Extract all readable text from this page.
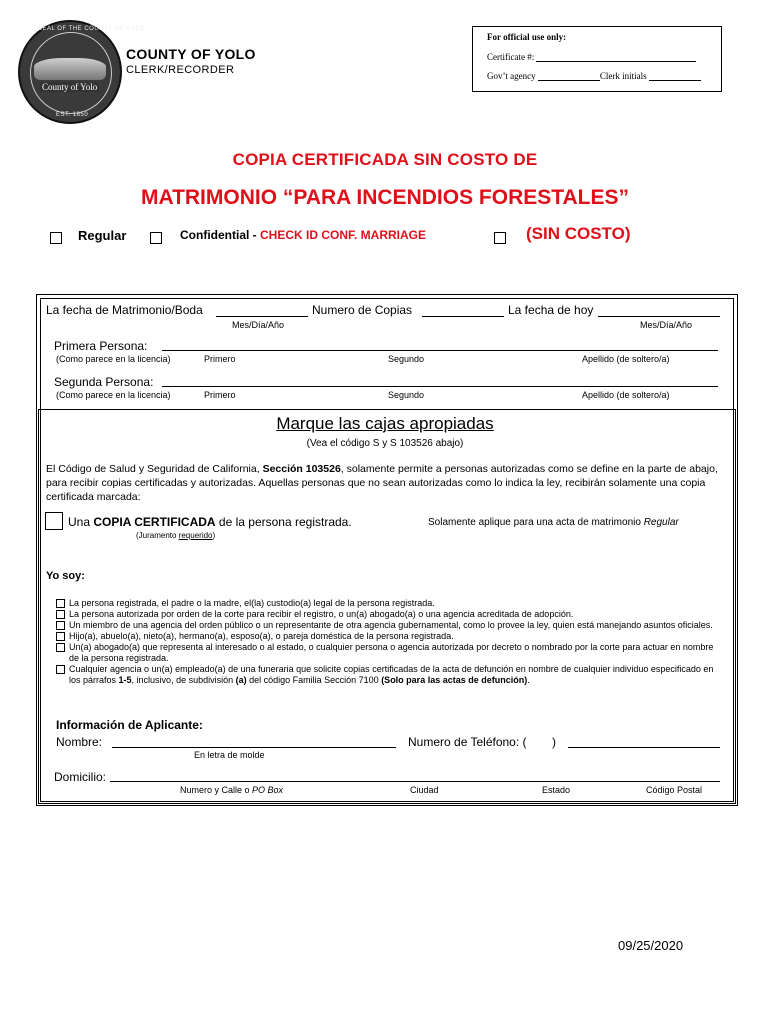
SEAL OF THE COUNTY OF YOLO
County of Yolo
EST. 1850
COUNTY OF YOLO
CLERK/RECORDER
For official use only:
Certificate #:
Gov’t agency	Clerk initials
COPIA CERTIFICADA SIN COSTO DE
MATRIMONIO “PARA INCENDIOS FORESTALES”
Regular	Confidential - CHECK ID CONF. MARRIAGE	(SIN COSTO)
La fecha de Matrimonio/Boda	Numero de Copias	La fecha de hoy
Mes/Día/Año	Mes/Día/Año
Primera Persona:
(Como parece en la licencia)	Primero	Segundo	Apellido (de soltero/a)
Segunda Persona:
(Como parece en la licencia)	Primero	Segundo	Apellido (de soltero/a)
Marque las cajas apropiadas
(Vea el código S y S 103526 abajo)
El Código de Salud y Seguridad de California, Sección 103526, solamente permite a personas autorizadas como se define en la parte de abajo, para recibir copias certificadas y autorizadas. Aquellas personas que no sean autorizadas como lo indica la ley, recibirán solamente una copia certificada marcada:
Una COPIA CERTIFICADA de la persona registrada.
(Juramento requerido)
Solamente aplique para una acta de matrimonio Regular
Yo soy:
La persona registrada, el padre o la madre, el(la) custodio(a) legal de la persona registrada.
La persona autorizada por orden de la corte para recibir el registro, o un(a) abogado(a) o una agencia acreditada de adopción.
Un miembro de una agencia del orden público o un representante de otra agencia gubernamental, como lo provee la ley, quien está manejando asuntos oficiales.
Hijo(a), abuelo(a), nieto(a), hermano(a), esposo(a), o pareja doméstica de la persona registrada.
Un(a) abogado(a) que representa al interesado o al estado, o cualquier persona o agencia autorizada por decreto o nombrado por la corte para actuar en nombre de la persona registrada.
Cualquier agencia o un(a) empleado(a) de una funeraria que solicite copias certificadas de la acta de defunción en nombre de cualquier individuo especificado en los párrafos 1-5, inclusivo, de subdivisión (a) del código Familia Sección 7100 (Solo para las actas de defunción).
Información de Aplicante:
Nombre:
En letra de molde
Numero de Teléfono: ( )
Domicilio:
Numero y Calle o PO Box	Ciudad	Estado	Código Postal
09/25/2020
